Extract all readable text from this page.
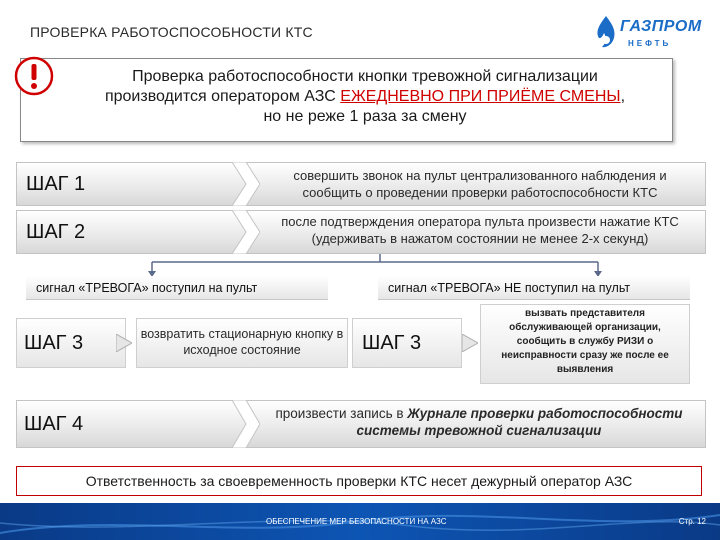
ПРОВЕРКА РАБОТОСПОСОБНОСТИ КТС	ГАЗПРОМ
НЕФТЬ
Проверка работоспособности кнопки тревожной сигнализации
производится оператором АЗС ЕЖЕДНЕВНО ПРИ ПРИЁМЕ СМЕНЫ,
но не реже 1 раза за смену
ШАГ 1	совершить звонок на пульт централизованного наблюдения и сообщить о проведении проверки работоспособности КТС
ШАГ 2	после подтверждения оператора пульта произвести нажатие КТС (удерживать в нажатом состоянии не менее 2-х секунд)
сигнал «ТРЕВОГА» поступил на пульт	сигнал «ТРЕВОГА» НЕ поступил на пульт
ШАГ 3	возвратить стационарную кнопку в исходное состояние	ШАГ 3
вызвать представителя обслуживающей организации, сообщить в службу РИЗИ о неисправности сразу же после ее выявления
ШАГ 4	произвести запись в Журнале проверки работоспособности системы тревожной сигнализации
Ответственность за своевременность проверки КТС несет дежурный оператор АЗС
ОБЕСПЕЧЕНИЕ МЕР БЕЗОПАСНОСТИ НА АЗС	Стр. 12
